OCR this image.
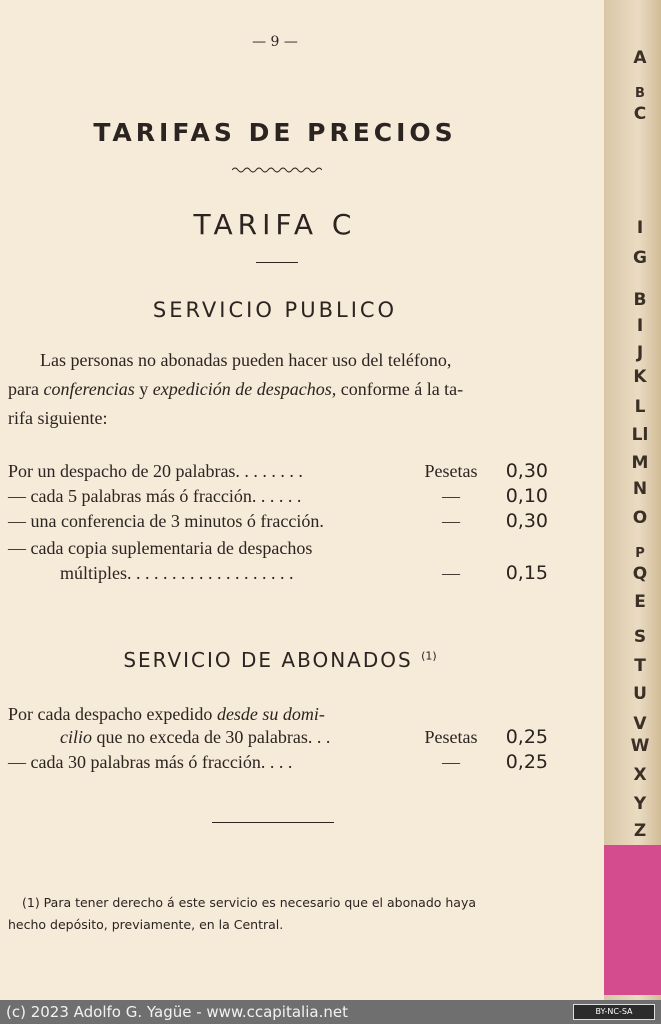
— 9 —
TARIFAS DE PRECIOS
TARIFA C
SERVICIO PUBLICO

Las personas no abonadas pueden hacer uso del teléfono,

para conferencias y expedición de despachos, conforme á la ta-

rifa siguiente:

Por un despacho de 20 palabras. . . . . . . .	Pesetas	0,30
— cada 5 palabras más ó fracción. . . . . .	—	0,10
— una conferencia de 3 minutos ó fracción.	—	0,30
— cada copia suplementaria de despachos
múltiples. . . . . . . . . . . . . . . . . . .	—	0,15
SERVICIO DE ABONADOS $^{(1)}$
Por cada despacho expedido desde su domi-
cilio que no exceda de 30 palabras. . .	Pesetas	0,25
— cada 30 palabras más ó fracción. . . .	—	0,25

(1) Para tener derecho á este servicio es necesario que el abonado haya

hecho depósito, previamente, en la Central.

A
B
C
I
G
B
I
J
K
L
Ll
M
N
O
P
Q
E
S
T
U
V
W
X
Y
Z
(c) 2023 Adolfo G. Yagüe - www.ccapitalia.net	BY-NC-SA
